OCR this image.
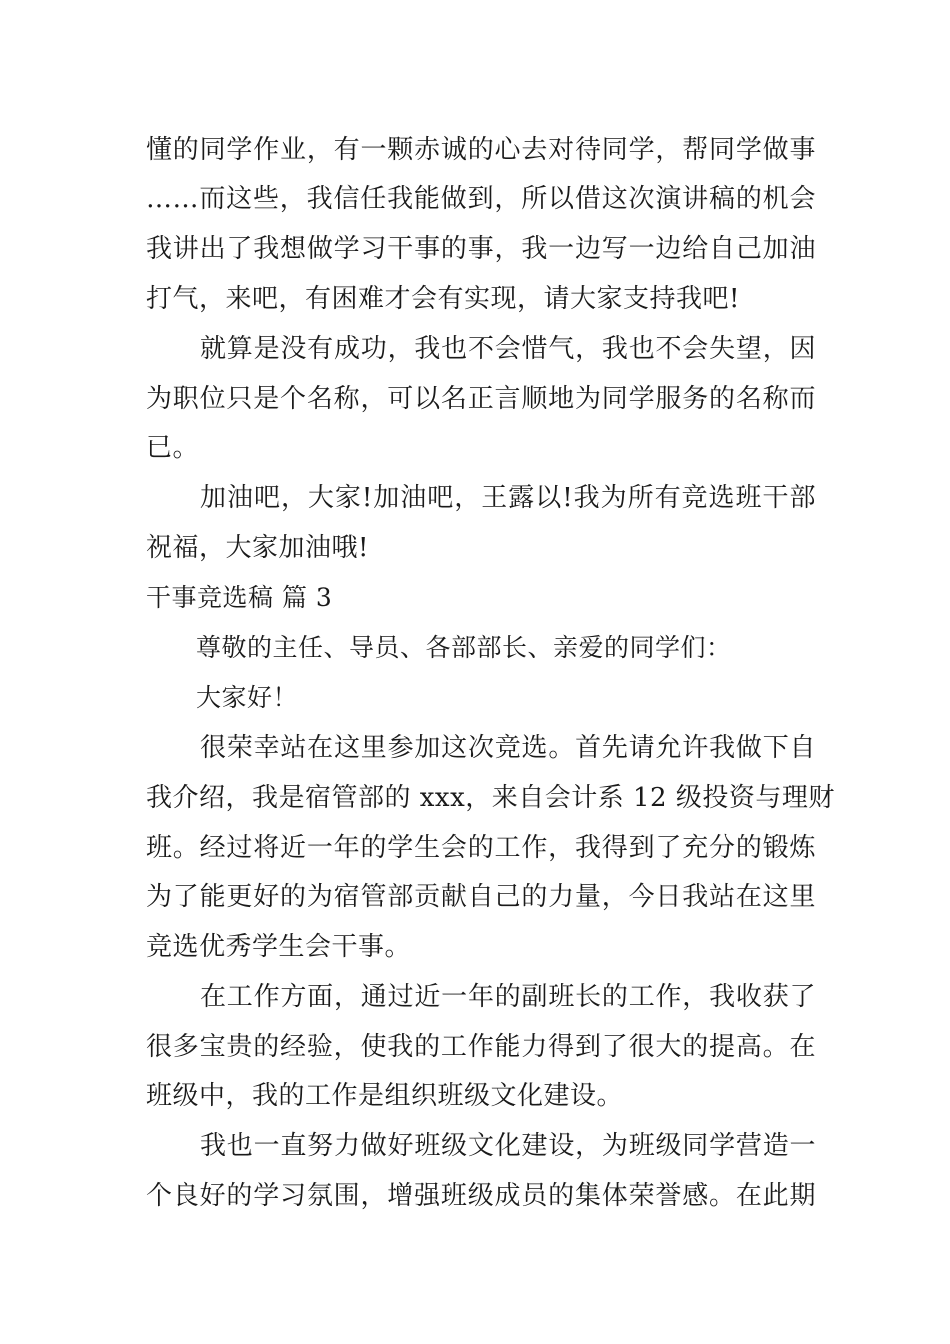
懂的同学作业，有一颗赤诚的心去对待同学，帮同学做事
……而这些，我信任我能做到，所以借这次演讲稿的机会
我讲出了我想做学习干事的事，我一边写一边给自己加油
打气，来吧，有困难才会有实现，请大家支持我吧!
就算是没有成功，我也不会惜气，我也不会失望，因
为职位只是个名称，可以名正言顺地为同学服务的名称而
已。
加油吧，大家!加油吧，王露以!我为所有竞选班干部
祝福，大家加油哦!
干事竞选稿 篇 3
尊敬的主任、导员、各部部长、亲爱的同学们：
大家好！
很荣幸站在这里参加这次竞选。首先请允许我做下自
我介绍，我是宿管部的 xxx，来自会计系 12 级投资与理财
班。经过将近一年的学生会的工作，我得到了充分的锻炼
为了能更好的为宿管部贡献自己的力量，今日我站在这里
竞选优秀学生会干事。
在工作方面，通过近一年的副班长的工作，我收获了
很多宝贵的经验，使我的工作能力得到了很大的提高。在
班级中，我的工作是组织班级文化建设。
我也一直努力做好班级文化建设，为班级同学营造一
个良好的学习氛围，增强班级成员的集体荣誉感。在此期
